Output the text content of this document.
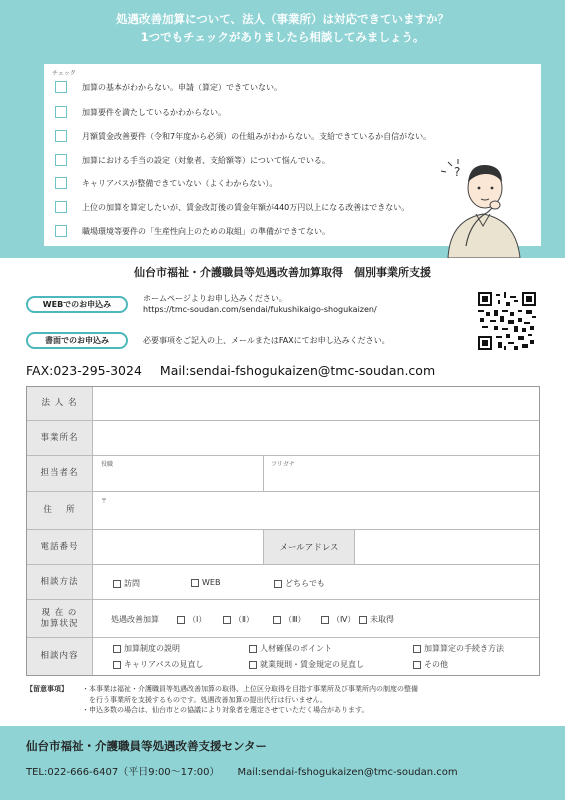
処遇改善加算について、法人（事業所）は対応できていますか？
1つでもチェックがありましたら相談してみましょう。
チェック
加算の基本がわからない。申請（算定）できていない。
加算要件を満たしているかわからない。
月額賃金改善要件（令和7年度から必須）の仕組みがわからない。支給できているか自信がない。
加算における手当の設定（対象者、支給額等）について悩んでいる。
キャリアパスが整備できていない（よくわからない）。
上位の加算を算定したいが、賃金改訂後の賃金年額が440万円以上になる改善はできない。
職場環境等要件の「生産性向上のための取組」の準備ができてない。
?
仙台市福祉・介護職員等処遇改善加算取得　個別事業所支援
WEBでのお申込み
ホームページよりお申し込みください。
https://tmc-soudan.com/sendai/fukushikaigo-shogukaizen/
書面でのお申込み	必要事項をご記入の上、メールまたはFAXにてお申し込みください。
FAX:023-295-3024 Mail:sendai-fshogukaizen@tmc-soudan.com
法 人 名
事業所名
担当者名
役職	フリガナ
住　 所
〒
電話番号	メールアドレス
相談方法	訪問	WEB	どちらでも
現 在 の
加算状況	処遇改善加算	（Ⅰ）	（Ⅱ）	（Ⅲ）	（Ⅳ） 未取得
相談内容
加算制度の説明	人材確保のポイント	加算算定の手続き方法
キャリアパスの見直し	就業規則・賃金規定の見直し	その他
【留意事項】 ・本事業は福祉・介護職員等処遇改善加算の取得、上位区分取得を目指す事業所及び事業所内の制度の整備
　を行う事業所を支援するものです。処遇改善加算の提出代行は行いません。
・申込多数の場合は、仙台市との協議により対象者を選定させていただく場合があります。
仙台市福祉・介護職員等処遇改善支援センター
TEL:022-666-6407（平日9:00～17:00） Mail:sendai-fshogukaizen@tmc-soudan.com
